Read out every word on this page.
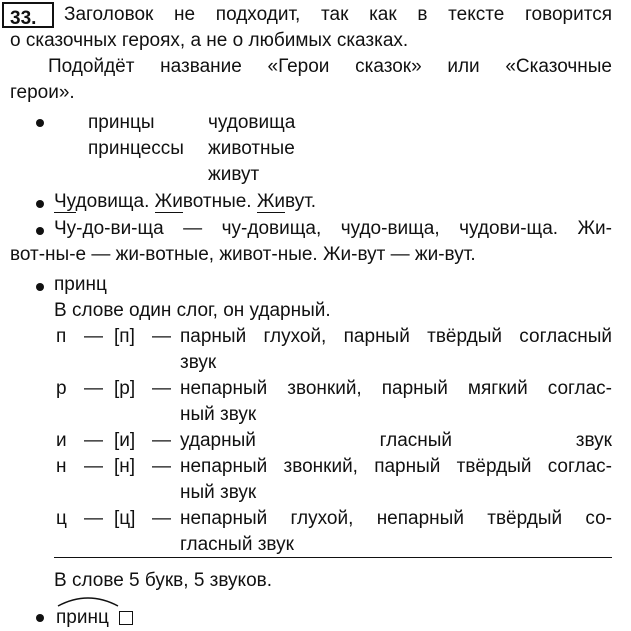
33. Заголовок не подходит, так как в тексте говорится
о сказочных героях, а не о любимых сказках.
Подойдёт название «Герои сказок» или «Сказочные
герои».
принцы
принцессы
чудовища
животные
живут
Чудовища. Животные. Живут.
Чу-до-ви-ща — чу-довища, чудо-вища, чудови-ща. Жи-
вот-ны-е — жи-вотные, живот-ные. Жи-вут — жи-вут.
принц
В слове один слог, он ударный.
п — [п] — парный глухой, парный твёрдый согласный
звук
р — [р] — непарный звонкий, парный мягкий соглас-
ный звук
и — [и] — ударный гласный звук
н — [н] — непарный звонкий, парный твёрдый соглас-
ный звук
ц — [ц] — непарный глухой, непарный твёрдый со-
гласный звук
В слове 5 букв, 5 звуков.
принц
